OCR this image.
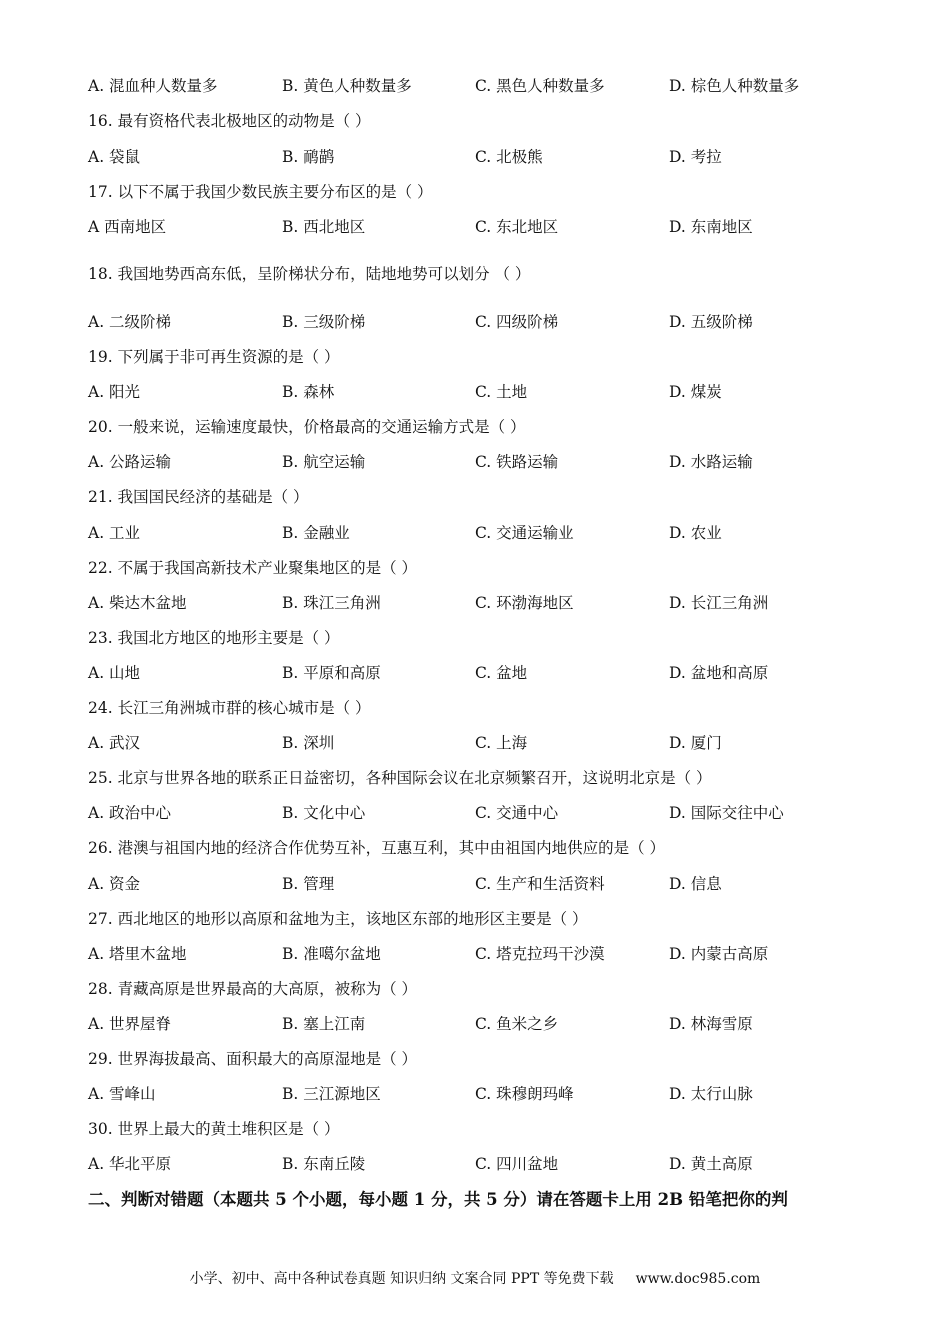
A. 混血种人数量多	B. 黄色人种数量多	C. 黑色人种数量多	D. 棕色人种数量多
16. 最有资格代表北极地区的动物是（ ）
A. 袋鼠	B. 鸸鹋	C. 北极熊	D. 考拉
17. 以下不属于我国少数民族主要分布区的是（ ）
A 西南地区	B. 西北地区	C. 东北地区	D. 东南地区
18. 我国地势西高东低，呈阶梯状分布，陆地地势可以划分 （ ）
A. 二级阶梯	B. 三级阶梯	C. 四级阶梯	D. 五级阶梯
19. 下列属于非可再生资源的是（ ）
A. 阳光	B. 森林	C. 土地	D. 煤炭
20. 一般来说，运输速度最快，价格最高的交通运输方式是（ ）
A. 公路运输	B. 航空运输	C. 铁路运输	D. 水路运输
21. 我国国民经济的基础是（ ）
A. 工业	B. 金融业	C. 交通运输业	D. 农业
22. 不属于我国高新技术产业聚集地区的是（ ）
A. 柴达木盆地	B. 珠江三角洲	C. 环渤海地区	D. 长江三角洲
23. 我国北方地区的地形主要是（ ）
A. 山地	B. 平原和高原	C. 盆地	D. 盆地和高原
24. 长江三角洲城市群的核心城市是（ ）
A. 武汉	B. 深圳	C. 上海	D. 厦门
25. 北京与世界各地的联系正日益密切，各种国际会议在北京频繁召开，这说明北京是（ ）
A. 政治中心	B. 文化中心	C. 交通中心	D. 国际交往中心
26. 港澳与祖国内地的经济合作优势互补，互惠互利，其中由祖国内地供应的是（ ）
A. 资金	B. 管理	C. 生产和生活资料	D. 信息
27. 西北地区的地形以高原和盆地为主，该地区东部的地形区主要是（ ）
A. 塔里木盆地	B. 准噶尔盆地	C. 塔克拉玛干沙漠	D. 内蒙古高原
28. 青藏高原是世界最高的大高原，被称为（ ）
A. 世界屋脊	B. 塞上江南	C. 鱼米之乡	D. 林海雪原
29. 世界海拔最高、面积最大的高原湿地是（ ）
A. 雪峰山	B. 三江源地区	C. 珠穆朗玛峰	D. 太行山脉
30. 世界上最大的黄土堆积区是（ ）
A. 华北平原	B. 东南丘陵	C. 四川盆地	D. 黄土高原
二、判断对错题（本题共 5 个小题，每小题 1 分，共 5 分）请在答题卡上用 2B 铅笔把你的判
小学、初中、高中各种试卷真题 知识归纳 文案合同 PPT 等免费下载 www.doc985.com
